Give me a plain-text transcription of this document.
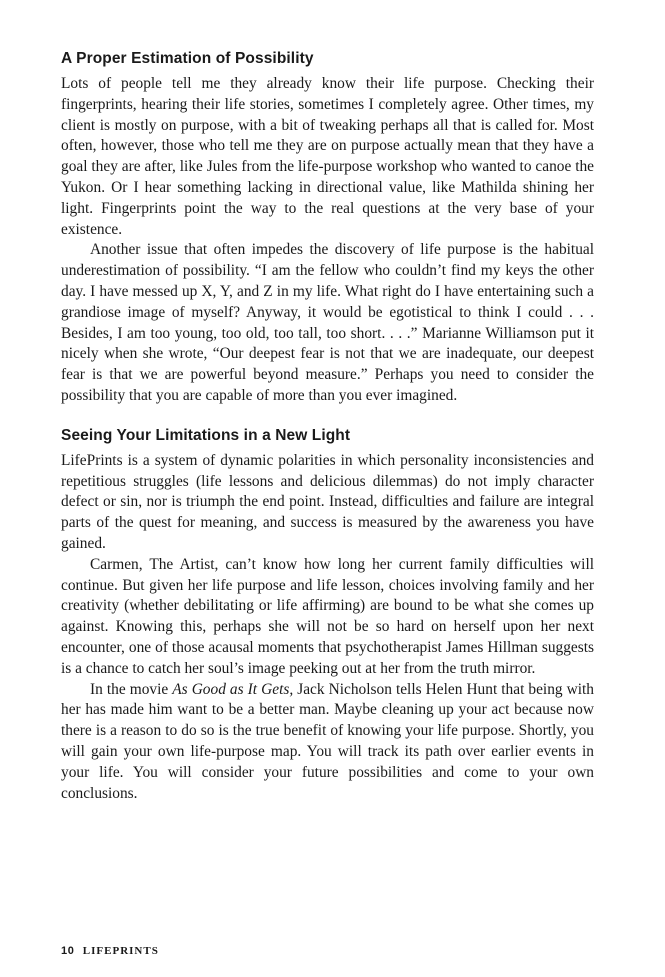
A Proper Estimation of Possibility

Lots of people tell me they already know their life purpose. Checking their fingerprints, hearing their life stories, sometimes I completely agree. Other times, my client is mostly on purpose, with a bit of tweaking perhaps all that is called for. Most often, however, those who tell me they are on purpose actually mean that they have a goal they are after, like Jules from the life-purpose workshop who wanted to canoe the Yukon. Or I hear something lacking in directional value, like Mathilda shining her light. Fingerprints point the way to the real questions at the very base of your existence.

Another issue that often impedes the discovery of life purpose is the habitual underestimation of possibility. “I am the fellow who couldn’t find my keys the other day. I have messed up X, Y, and Z in my life. What right do I have entertaining such a grandiose image of myself? Anyway, it would be egotistical to think I could . . . Besides, I am too young, too old, too tall, too short. . . .” Marianne Williamson put it nicely when she wrote, “Our deepest fear is not that we are inadequate, our deepest fear is that we are powerful beyond measure.” Perhaps you need to consider the possibility that you are capable of more than you ever imagined.

Seeing Your Limitations in a New Light

LifePrints is a system of dynamic polarities in which personality inconsistencies and repetitious struggles (life lessons and delicious dilemmas) do not imply character defect or sin, nor is triumph the end point. Instead, difficulties and failure are integral parts of the quest for meaning, and success is measured by the awareness you have gained.

Carmen, The Artist, can’t know how long her current family difficulties will continue. But given her life purpose and life lesson, choices involving family and her creativity (whether debilitating or life affirming) are bound to be what she comes up against. Knowing this, perhaps she will not be so hard on herself upon her next encounter, one of those acausal moments that psychotherapist James Hillman suggests is a chance to catch her soul’s image peeking out at her from the truth mirror.

In the movie As Good as It Gets, Jack Nicholson tells Helen Hunt that being with her has made him want to be a better man. Maybe cleaning up your act because now there is a reason to do so is the true benefit of knowing your life purpose. Shortly, you will gain your own life-purpose map. You will track its path over earlier events in your life. You will consider your future possibilities and come to your own conclusions.

10 LIFEPRINTS
